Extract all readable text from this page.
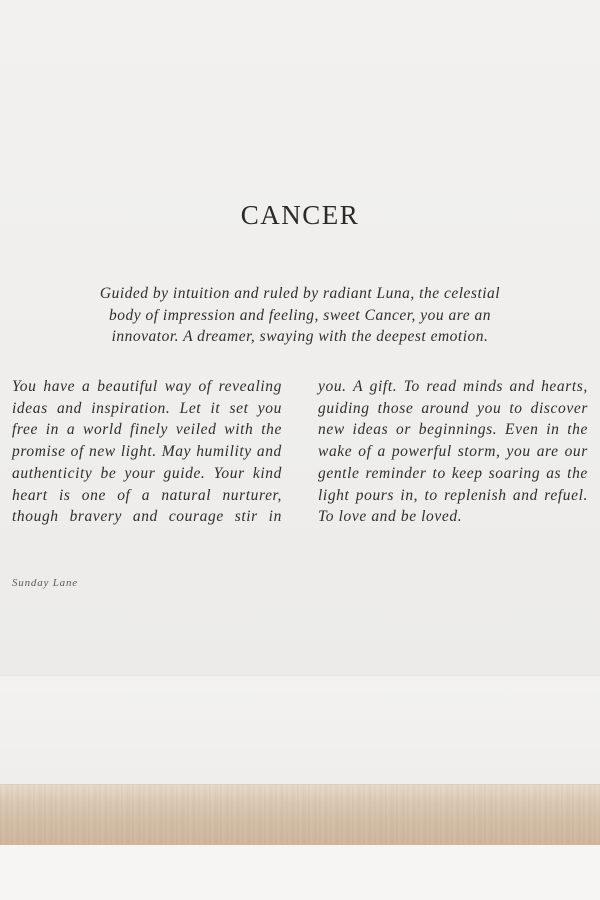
CANCER
Guided by intuition and ruled by radiant Luna, the celestial
body of impression and feeling, sweet Cancer, you are an
innovator. A dreamer, swaying with the deepest emotion.
You have a beautiful way of revealing
ideas and inspiration. Let it set you
free in a world finely veiled with the
promise of new light. May humility and
authenticity be your guide. Your kind
heart is one of a natural nurturer,
though bravery and courage stir in
you. A gift. To read minds and hearts,
guiding those around you to discover
new ideas or beginnings. Even in the
wake of a powerful storm, you are our
gentle reminder to keep soaring as the
light pours in, to replenish and refuel.
To love and be loved.
Sunday Lane
